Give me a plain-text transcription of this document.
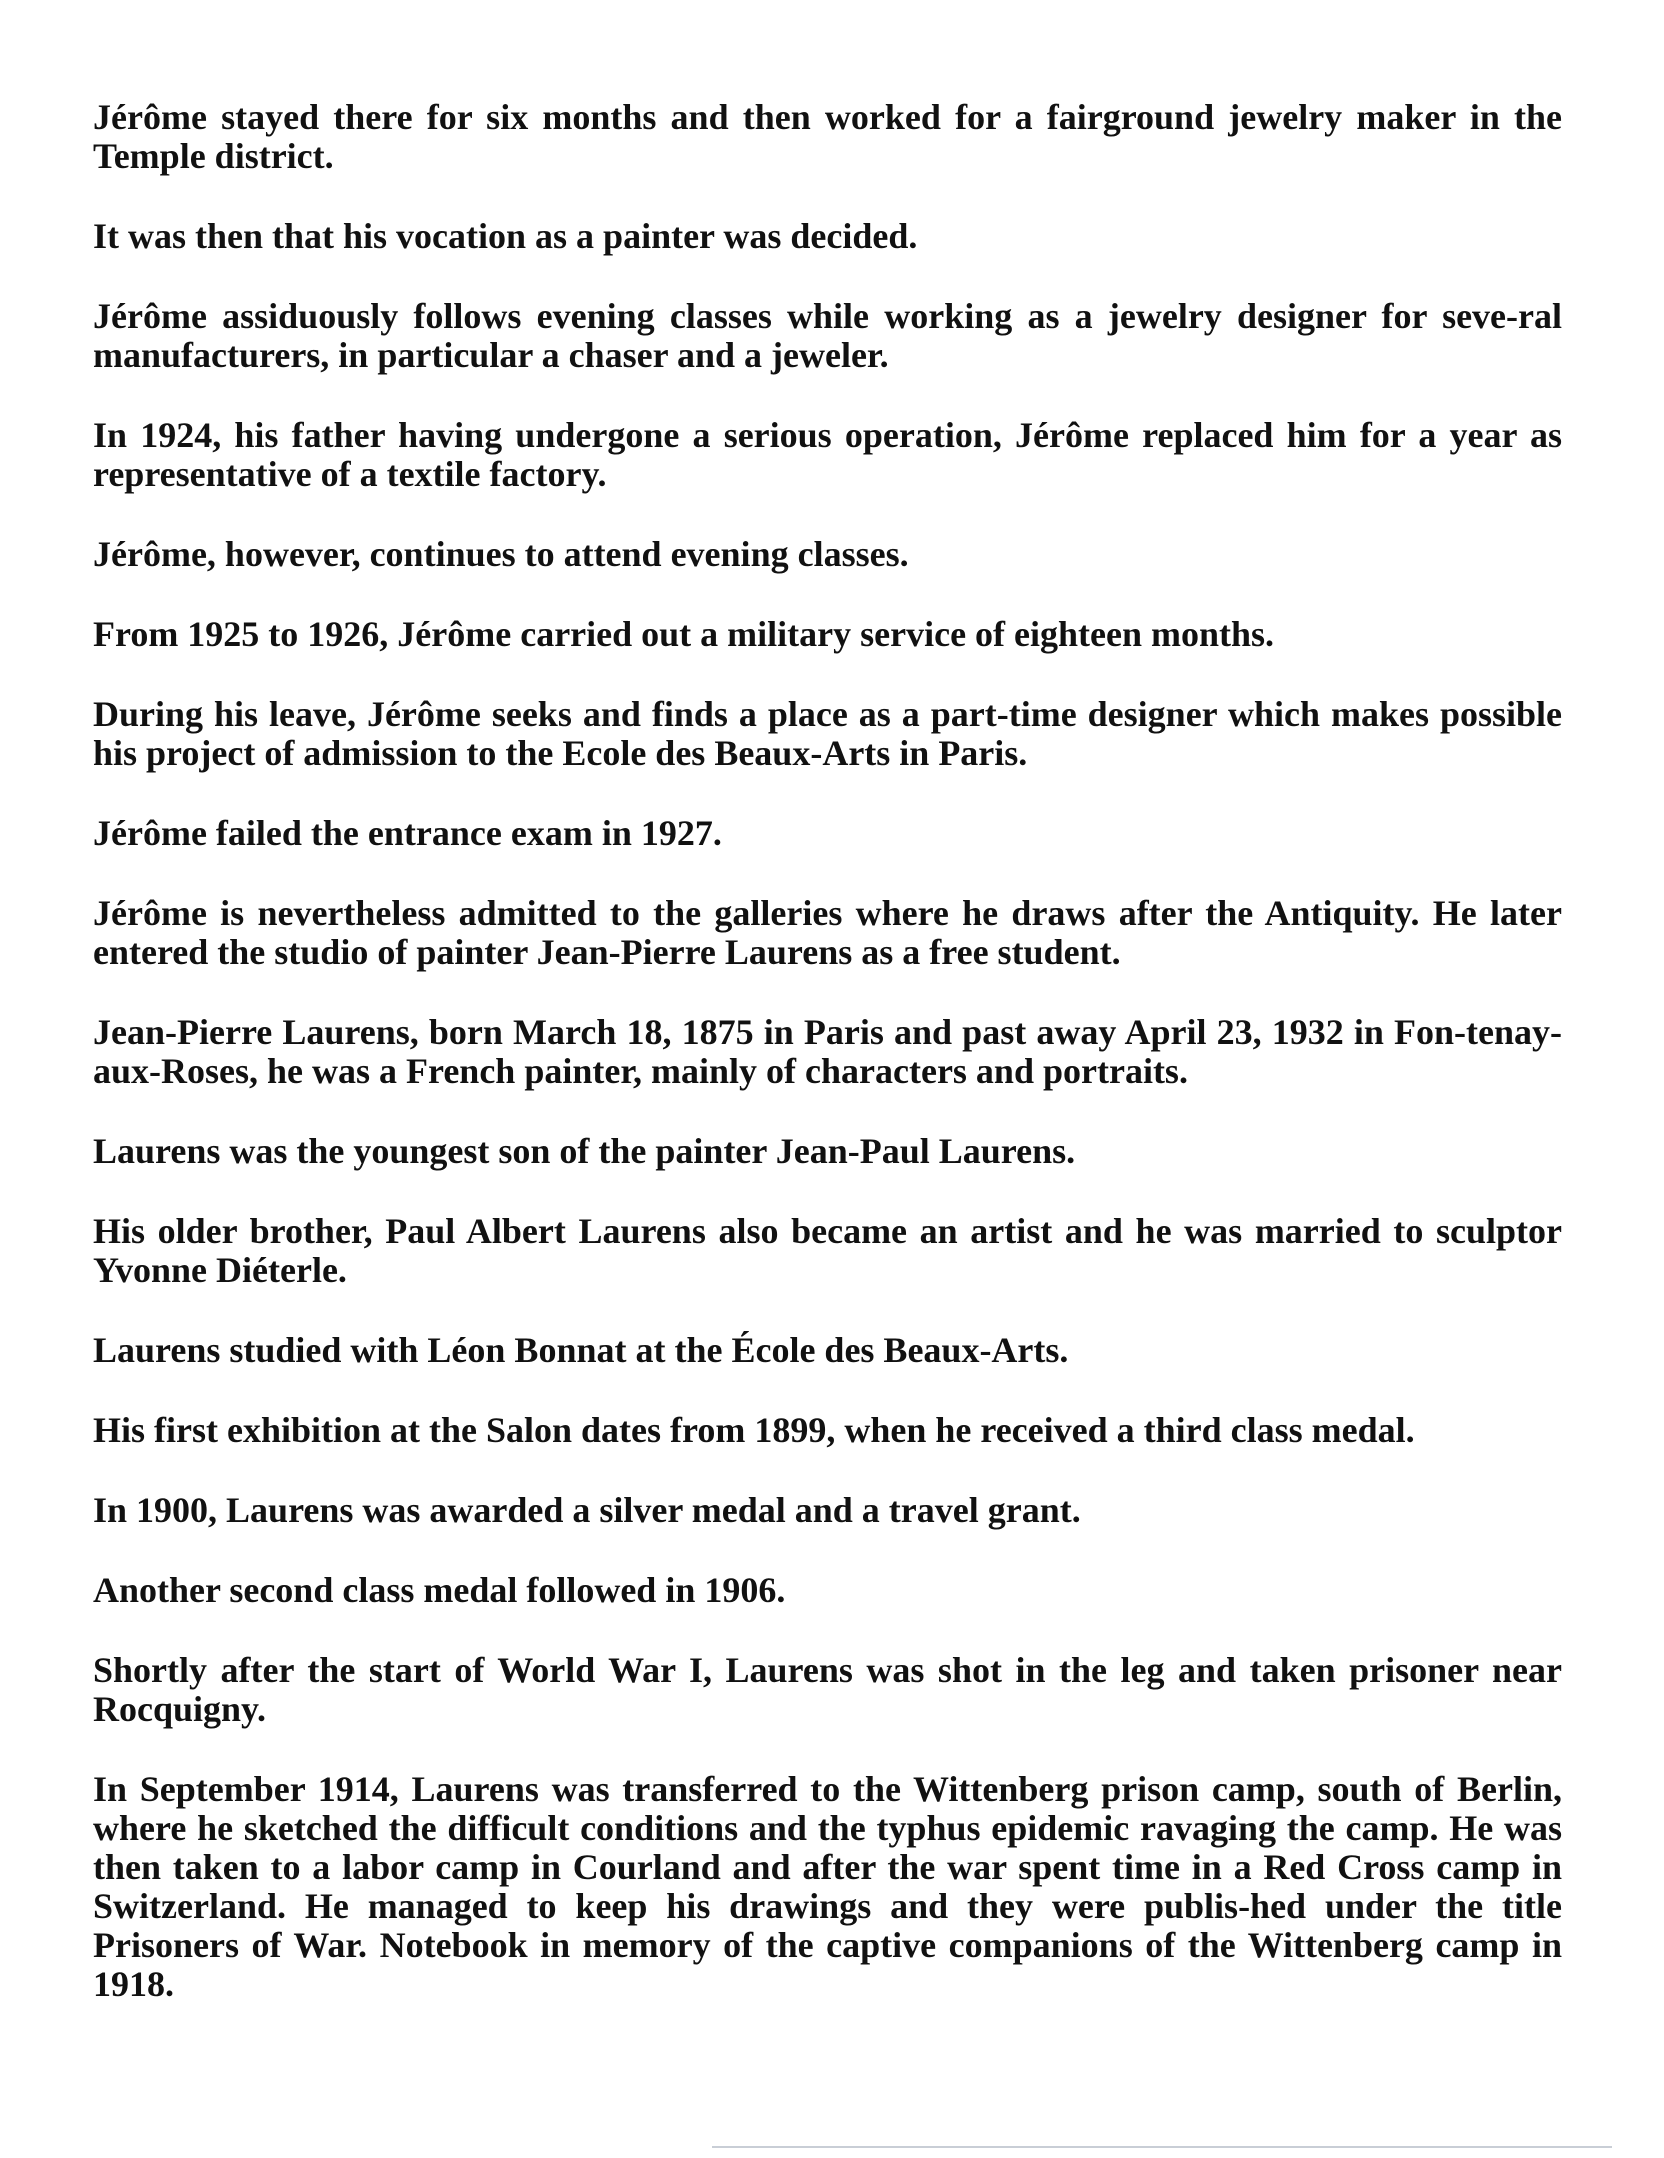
Jérôme stayed there for six months and then worked for a fairground jewelry maker in the Temple district.

It was then that his vocation as a painter was decided.

Jérôme assiduously follows evening classes while working as a jewelry designer for seve-ral manufacturers, in particular a chaser and a jeweler.

In 1924, his father having undergone a serious operation, Jérôme replaced him for a year as representative of a textile factory.

Jérôme, however, continues to attend evening classes.

From 1925 to 1926, Jérôme carried out a military service of eighteen months.

During his leave, Jérôme seeks and finds a place as a part-time designer which makes possible his project of admission to the Ecole des Beaux-Arts in Paris.

Jérôme failed the entrance exam in 1927.

Jérôme is nevertheless admitted to the galleries where he draws after the Antiquity. He later entered the studio of painter Jean-Pierre Laurens as a free student.

Jean-Pierre Laurens, born March 18, 1875 in Paris and past away April 23, 1932 in Fon-tenay-aux-Roses, he was a French painter, mainly of characters and portraits.

Laurens was the youngest son of the painter Jean-Paul Laurens.

His older brother, Paul Albert Laurens also became an artist and he was married to sculptor Yvonne Diéterle.

Laurens studied with Léon Bonnat at the École des Beaux-Arts.

His first exhibition at the Salon dates from 1899, when he received a third class medal.

In 1900, Laurens was awarded a silver medal and a travel grant.

Another second class medal followed in 1906.

Shortly after the start of World War I, Laurens was shot in the leg and taken prisoner near Rocquigny.

In September 1914, Laurens was transferred to the Wittenberg prison camp, south of Berlin, where he sketched the difficult conditions and the typhus epidemic ravaging the camp. He was then taken to a labor camp in Courland and after the war spent time in a Red Cross camp in Switzerland. He managed to keep his drawings and they were publis-hed under the title Prisoners of War. Notebook in memory of the captive companions of the Wittenberg camp in 1918.
